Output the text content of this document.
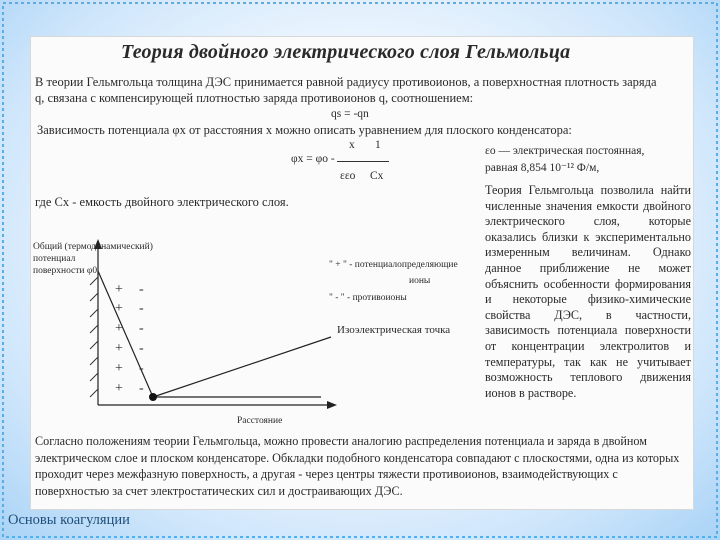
Теория двойного электрического слоя Гельмольца
В теории Гельмгольца толщина ДЭС принимается равной радиусу противоионов, а поверхностная плотность заряда
q, связана с компенсирующей плотностью заряда противоионов q, соотношением:
qs = -qn
Зависимость потенциала φx от расстояния x можно описать уравнением для плоского конденсатора:
x 1
φx = φo -
εεo Cx
εo — электрическая постоянная,
равная 8,854 10⁻¹² Ф/м,
где Cx - емкость двойного электрического слоя.
Теория Гельмгольца позволила найти численные значения емкости двойного электрического слоя, которые оказались близки к экспериментально измеренным величинам. Однако данное приближение не может объяснить особенности формирования и некоторые физико-химические свойства ДЭС, в частности, зависимость потенциала поверхности от концентрации электролитов и температуры, так как не учитывает возможность теплового движения ионов в растворе.
+
+
+
+
+
+
-
-
-
-
-
-
Общий (термодинамический)
потенциал
поверхности φ0
Расстояние
" + " - потенциалопределяющие
ионы
" - " - противоионы
Изоэлектрическая точка
Согласно положениям теории Гельмгольца, можно провести аналогию распределения потенциала и заряда в двойном электрическом слое и плоском конденсаторе. Обкладки подобного конденсатора совпадают с плоскостями, одна из которых проходит через межфазную поверхность, а другая - через центры тяжести противоионов, взаимодействующих с поверхностью за счет электростатических сил и достраивающих ДЭС.
Основы коагуляции
